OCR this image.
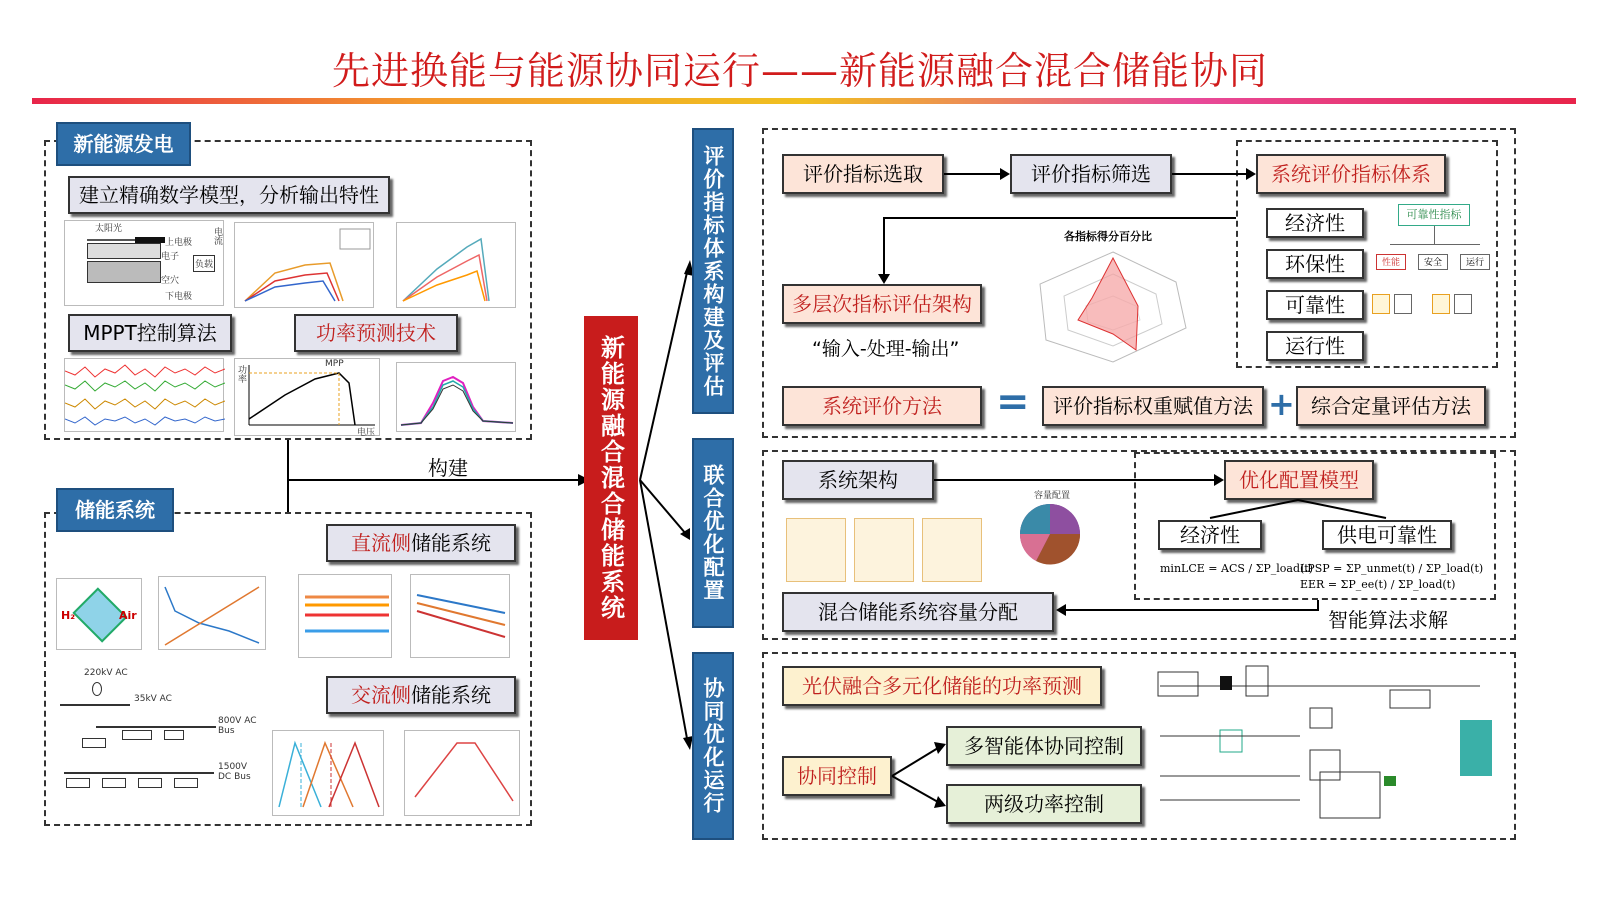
先进换能与能源协同运行——新能源融合混合储能协同
新能源发电
建立精确数学模型，分析输出特性
太阳光
上电极
下电极
负载
电流
电子
空穴
MPPT控制算法	功率预测技术
MPP
功率
电压
储能系统
直流侧储能系统
H₂	Air
交流侧储能系统
220kV AC
35kV AC
800V AC Bus
1500V DC Bus
构建	新能源融合混合储能系统
评价指标体系构建及评估
联合优化配置
协同优化运行
评价指标选取	评价指标筛选	系统评价指标体系
经济性
环保性
可靠性
运行性
可靠性指标
性能	安全	运行
各指标得分百分比
多层次指标评估架构
“输入-处理-输出”
系统评价方法	=	评价指标权重赋值方法 + 综合定量评估方法
系统架构	优化配置模型
经济性	供电可靠性
minLCE = ACS / ΣP_load(t)
LPSP = ΣP_unmet(t) / ΣP_load(t)
EER = ΣP_ee(t) / ΣP_load(t)
容量配置
混合储能系统容量分配	智能算法求解
光伏融合多元化储能的功率预测
协同控制
多智能体协同控制
两级功率控制
